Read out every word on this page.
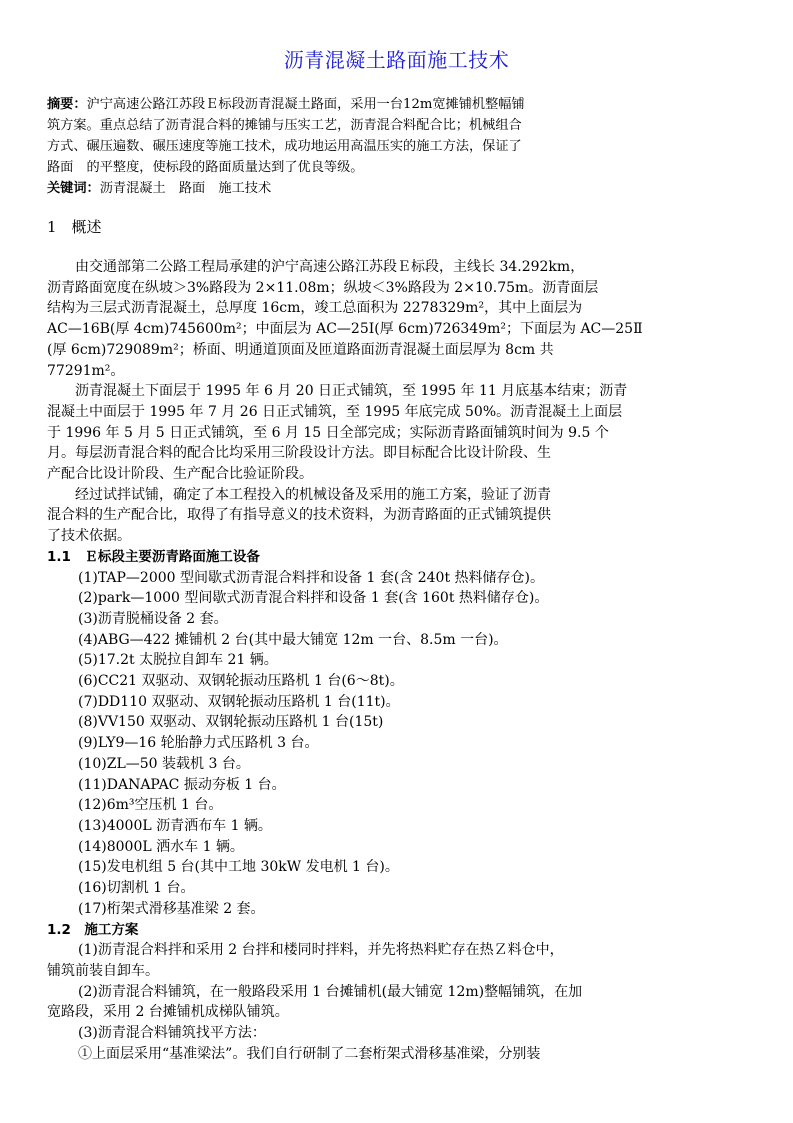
沥青混凝土路面施工技术
摘要：沪宁高速公路江苏段Ｅ标段沥青混凝土路面，采用一台12m宽摊铺机整幅铺
筑方案。重点总结了沥青混合料的摊铺与压实工艺，沥青混合料配合比；机械组合
方式、碾压遍数、碾压速度等施工技术，成功地运用高温压实的施工方法，保证了
路面　的平整度，使标段的路面质量达到了优良等级。
关键词：沥青混凝土　路面　施工技术
1　概述
由交通部第二公路工程局承建的沪宁高速公路江苏段Ｅ标段，主线长 34.292km，
沥青路面宽度在纵坡＞3%路段为 2×11.08m；纵坡＜3%路段为 2×10.75m。沥青面层
结构为三层式沥青混凝土，总厚度 16cm，竣工总面积为 2278329m²，其中上面层为
AC—16B(厚 4cm)745600m²；中面层为 AC—25Ⅰ(厚 6cm)726349m²；下面层为 AC—25Ⅱ
(厚 6cm)729089m²；桥面、明通道顶面及匝道路面沥青混凝土面层厚为 8cm 共
77291m²。
沥青混凝土下面层于 1995 年 6 月 20 日正式铺筑，至 1995 年 11 月底基本结束；沥青
混凝土中面层于 1995 年 7 月 26 日正式铺筑，至 1995 年底完成 50%。沥青混凝土上面层
于 1996 年 5 月 5 日正式铺筑，至 6 月 15 日全部完成；实际沥青路面铺筑时间为 9.5 个
月。每层沥青混合料的配合比均采用三阶段设计方法。即目标配合比设计阶段、生
产配合比设计阶段、生产配合比验证阶段。
经过试拌试铺，确定了本工程投入的机械设备及采用的施工方案，验证了沥青
混合料的生产配合比，取得了有指导意义的技术资料，为沥青路面的正式铺筑提供
了技术依据。
1.1　Ｅ标段主要沥青路面施工设备
(1)TAP—2000 型间歇式沥青混合料拌和设备 1 套(含 240t 热料储存仓)。
(2)park—1000 型间歇式沥青混合料拌和设备 1 套(含 160t 热料储存仓)。
(3)沥青脱桶设备 2 套。
(4)ABG—422 摊铺机 2 台(其中最大铺宽 12m 一台、8.5m 一台)。
(5)17.2t 太脱拉自卸车 21 辆。
(6)CC21 双驱动、双钢轮振动压路机 1 台(6～8t)。
(7)DD110 双驱动、双钢轮振动压路机 1 台(11t)。
(8)VV150 双驱动、双钢轮振动压路机 1 台(15t)
(9)LY9—16 轮胎静力式压路机 3 台。
(10)ZL—50 装载机 3 台。
(11)DANAPAC 振动夯板 1 台。
(12)6m³空压机 1 台。
(13)4000L 沥青洒布车 1 辆。
(14)8000L 洒水车 1 辆。
(15)发电机组 5 台(其中工地 30kW 发电机 1 台)。
(16)切割机 1 台。
(17)桁架式滑移基准梁 2 套。
1.2　施工方案
(1)沥青混合料拌和采用 2 台拌和楼同时拌料，并先将热料贮存在热Ｚ料仓中，
铺筑前装自卸车。
(2)沥青混合料铺筑，在一般路段采用 1 台摊铺机(最大铺宽 12m)整幅铺筑，在加
宽路段，采用 2 台摊铺机成梯队铺筑。
(3)沥青混合料铺筑找平方法：
①上面层采用“基准梁法”。我们自行研制了二套桁架式滑移基准梁，分别装
